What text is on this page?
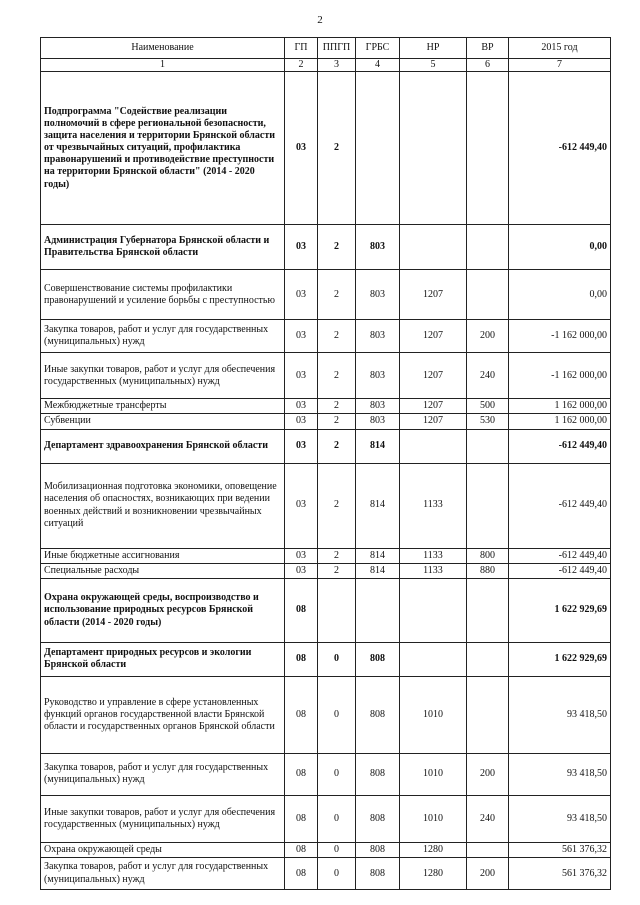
2
Наименование	ГП	ППГП	ГРБС	НР	ВР	2015 год
1	2	3	4	5	6	7
Подпрограмма "Содействие реализации полномочий в сфере региональной безопасности, защита населения и территории Брянской области от чрезвычайных ситуаций, профилактика правонарушений и противодействие преступности на территории Брянской области" (2014 - 2020 годы)	03	2				-612 449,40
Администрация Губернатора Брянской области и Правительства Брянской области	03	2	803			0,00
Совершенствование системы профилактики правонарушений и усиление борьбы с преступностью	03	2	803	1207		0,00
Закупка товаров, работ и услуг для государственных (муниципальных) нужд	03	2	803	1207	200	-1 162 000,00
Иные закупки товаров, работ и услуг для обеспечения государственных (муниципальных) нужд	03	2	803	1207	240	-1 162 000,00
Межбюджетные трансферты	03	2	803	1207	500	1 162 000,00
Субвенции	03	2	803	1207	530	1 162 000,00
Департамент здравоохранения Брянской области	03	2	814			-612 449,40
Мобилизационная подготовка экономики, оповещение населения об опасностях, возникающих при ведении военных действий и возникновении чрезвычайных ситуаций	03	2	814	1133		-612 449,40
Иные бюджетные ассигнования	03	2	814	1133	800	-612 449,40
Специальные расходы	03	2	814	1133	880	-612 449,40
Охрана окружающей среды, воспроизводство и использование природных ресурсов Брянской области (2014 - 2020 годы)	08					1 622 929,69
Департамент природных ресурсов и экологии Брянской области	08	0	808			1 622 929,69
Руководство и управление в сфере установленных функций органов государственной власти Брянской области и государственных органов Брянской области	08	0	808	1010		93 418,50
Закупка товаров, работ и услуг для государственных (муниципальных) нужд	08	0	808	1010	200	93 418,50
Иные закупки товаров, работ и услуг для обеспечения государственных (муниципальных) нужд	08	0	808	1010	240	93 418,50
Охрана окружающей среды	08	0	808	1280		561 376,32
Закупка товаров, работ и услуг для государственных (муниципальных) нужд	08	0	808	1280	200	561 376,32
